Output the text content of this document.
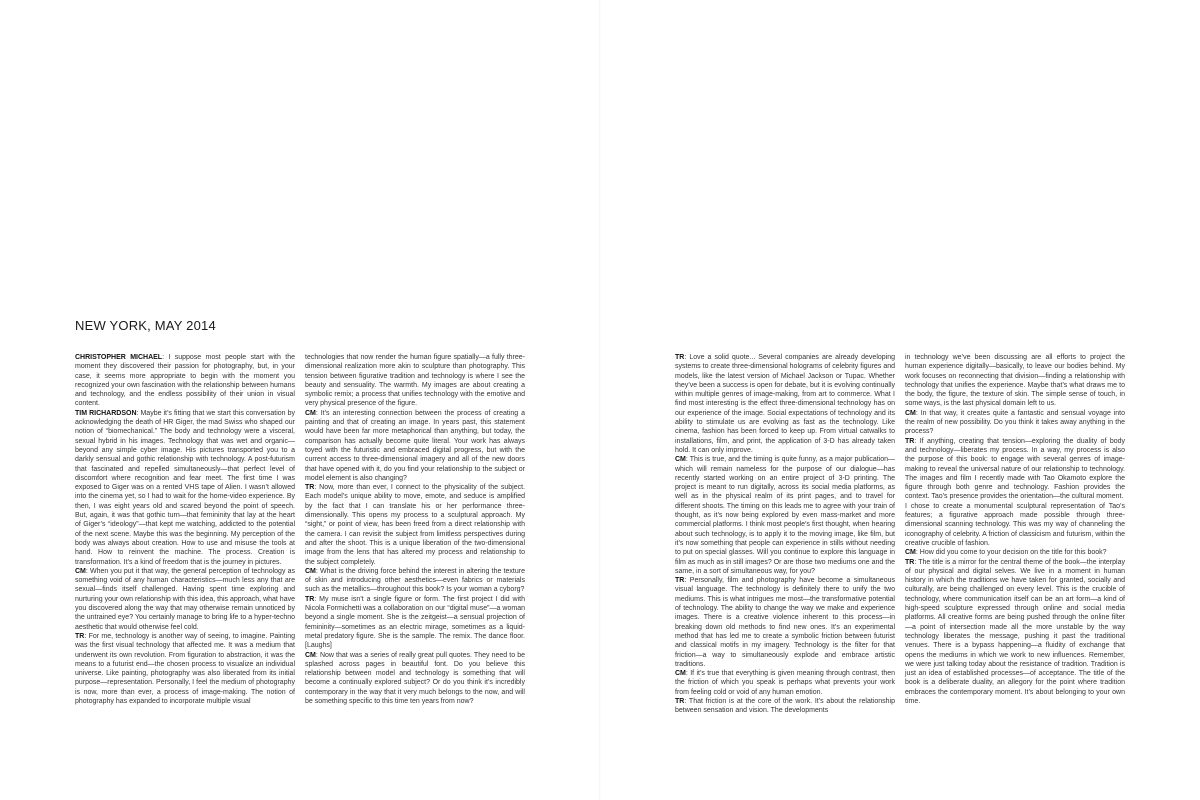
NEW YORK, MAY 2014

CHRISTOPHER MICHAEL: I suppose most people start with the moment they discovered their passion for photography, but, in your case, it seems more appropriate to begin with the moment you recognized your own fascination with the relationship between humans and technology, and the endless possibility of their union in visual content.

TIM RICHARDSON: Maybe it’s fitting that we start this conversation by acknowledging the death of HR Giger, the mad Swiss who shaped our notion of “biomechanical.” The body and technology were a visceral, sexual hybrid in his images. Technology that was wet and organic—beyond any simple cyber image. His pictures transported you to a darkly sensual and gothic relationship with technology. A post-futurism that fascinated and repelled simultaneously—that perfect level of discomfort where recognition and fear meet. The first time I was exposed to Giger was on a rented VHS tape of Alien. I wasn’t allowed into the cinema yet, so I had to wait for the home-video experience. By then, I was eight years old and scared beyond the point of speech. But, again, it was that gothic turn—that femininity that lay at the heart of Giger’s “ideology”—that kept me watching, addicted to the potential of the next scene. Maybe this was the beginning. My perception of the body was always about creation. How to use and misuse the tools at hand. How to reinvent the machine. The process. Creation is transformation. It’s a kind of freedom that is the journey in pictures.

CM: When you put it that way, the general perception of technology as something void of any human characteristics—much less any that are sexual—finds itself challenged. Having spent time exploring and nurturing your own relationship with this idea, this approach, what have you discovered along the way that may otherwise remain unnoticed by the untrained eye? You certainly manage to bring life to a hyper-techno aesthetic that would otherwise feel cold.

TR: For me, technology is another way of seeing, to imagine. Painting was the first visual technology that affected me. It was a medium that underwent its own revolution. From figuration to abstraction, it was the means to a futurist end—the chosen process to visualize an individual universe. Like painting, photography was also liberated from its initial purpose—representation. Personally, I feel the medium of photography is now, more than ever, a process of image-making. The notion of photography has expanded to incorporate multiple visual

technologies that now render the human figure spatially—a fully three-dimensional realization more akin to sculpture than photography. This tension between figurative tradition and technology is where I see the beauty and sensuality. The warmth. My images are about creating a symbolic remix; a process that unifies technology with the emotive and very physical presence of the figure.

CM: It’s an interesting connection between the process of creating a painting and that of creating an image. In years past, this statement would have been far more metaphorical than anything, but today, the comparison has actually become quite literal. Your work has always toyed with the futuristic and embraced digital progress, but with the current access to three-dimensional imagery and all of the new doors that have opened with it, do you find your relationship to the subject or model element is also changing?

TR: Now, more than ever, I connect to the physicality of the subject. Each model’s unique ability to move, emote, and seduce is amplified by the fact that I can translate his or her performance three-dimensionally. This opens my process to a sculptural approach. My “sight,” or point of view, has been freed from a direct relationship with the camera. I can revisit the subject from limitless perspectives during and after the shoot. This is a unique liberation of the two-dimensional image from the lens that has altered my process and relationship to the subject completely.

CM: What is the driving force behind the interest in altering the texture of skin and introducing other aesthetics—even fabrics or materials such as the metallics—throughout this book? Is your woman a cyborg?

TR: My muse isn’t a single figure or form. The first project I did with Nicola Formichetti was a collaboration on our “digital muse”—a woman beyond a single moment. She is the zeitgeist—a sensual projection of femininity—sometimes as an electric mirage, sometimes as a liquid-metal predatory figure. She is the sample. The remix. The dance floor. [Laughs]

CM: Now that was a series of really great pull quotes. They need to be splashed across pages in beautiful font. Do you believe this relationship between model and technology is something that will become a continually explored subject? Or do you think it’s incredibly contemporary in the way that it very much belongs to the now, and will be something specific to this time ten years from now?

TR: Love a solid quote... Several companies are already developing systems to create three-dimensional holograms of celebrity figures and models, like the latest version of Michael Jackson or Tupac. Whether they’ve been a success is open for debate, but it is evolving continually within multiple genres of image-making, from art to commerce. What I find most interesting is the effect three-dimensional technology has on our experience of the image. Social expectations of technology and its ability to stimulate us are evolving as fast as the technology. Like cinema, fashion has been forced to keep up. From virtual catwalks to installations, film, and print, the application of 3-D has already taken hold. It can only improve.

CM: This is true, and the timing is quite funny, as a major publication—which will remain nameless for the purpose of our dialogue—has recently started working on an entire project of 3-D printing. The project is meant to run digitally, across its social media platforms, as well as in the physical realm of its print pages, and to travel for different shoots. The timing on this leads me to agree with your train of thought, as it’s now being explored by even mass-market and more commercial platforms. I think most people’s first thought, when hearing about such technology, is to apply it to the moving image, like film, but it’s now something that people can experience in stills without needing to put on special glasses. Will you continue to explore this language in film as much as in still images? Or are those two mediums one and the same, in a sort of simultaneous way, for you?

TR: Personally, film and photography have become a simultaneous visual language. The technology is definitely there to unify the two mediums. This is what intrigues me most—the transformative potential of technology. The ability to change the way we make and experience images. There is a creative violence inherent to this process—in breaking down old methods to find new ones. It’s an experimental method that has led me to create a symbolic friction between futurist and classical motifs in my imagery. Technology is the filter for that friction—a way to simultaneously explode and embrace artistic traditions.

CM: If it’s true that everything is given meaning through contrast, then the friction of which you speak is perhaps what prevents your work from feeling cold or void of any human emotion.

TR: That friction is at the core of the work. It’s about the relationship between sensation and vision. The developments

in technology we’ve been discussing are all efforts to project the human experience digitally—basically, to leave our bodies behind. My work focuses on reconnecting that division—finding a relationship with technology that unifies the experience. Maybe that’s what draws me to the body, the figure, the texture of skin. The simple sense of touch, in some ways, is the last physical domain left to us.

CM: In that way, it creates quite a fantastic and sensual voyage into the realm of new possibility. Do you think it takes away anything in the process?

TR: If anything, creating that tension—exploring the duality of body and technology—liberates my process. In a way, my process is also the purpose of this book: to engage with several genres of image-making to reveal the universal nature of our relationship to technology. The images and film I recently made with Tao Okamoto explore the figure through both genre and technology. Fashion provides the context. Tao’s presence provides the orientation—the cultural moment.

I chose to create a monumental sculptural representation of Tao’s features; a figurative approach made possible through three-dimensional scanning technology. This was my way of channeling the iconography of celebrity. A friction of classicism and futurism, within the creative crucible of fashion.

CM: How did you come to your decision on the title for this book?

TR: The title is a mirror for the central theme of the book—the interplay of our physical and digital selves. We live in a moment in human history in which the traditions we have taken for granted, socially and culturally, are being challenged on every level. This is the crucible of technology, where communication itself can be an art form—a kind of high-speed sculpture expressed through online and social media platforms. All creative forms are being pushed through the online filter—a point of intersection made all the more unstable by the way technology liberates the message, pushing it past the traditional venues. There is a bypass happening—a fluidity of exchange that opens the mediums in which we work to new influences. Remember, we were just talking today about the resistance of tradition. Tradition is just an idea of established processes—of acceptance. The title of the book is a deliberate duality, an allegory for the point where tradition embraces the contemporary moment. It’s about belonging to your own time.
